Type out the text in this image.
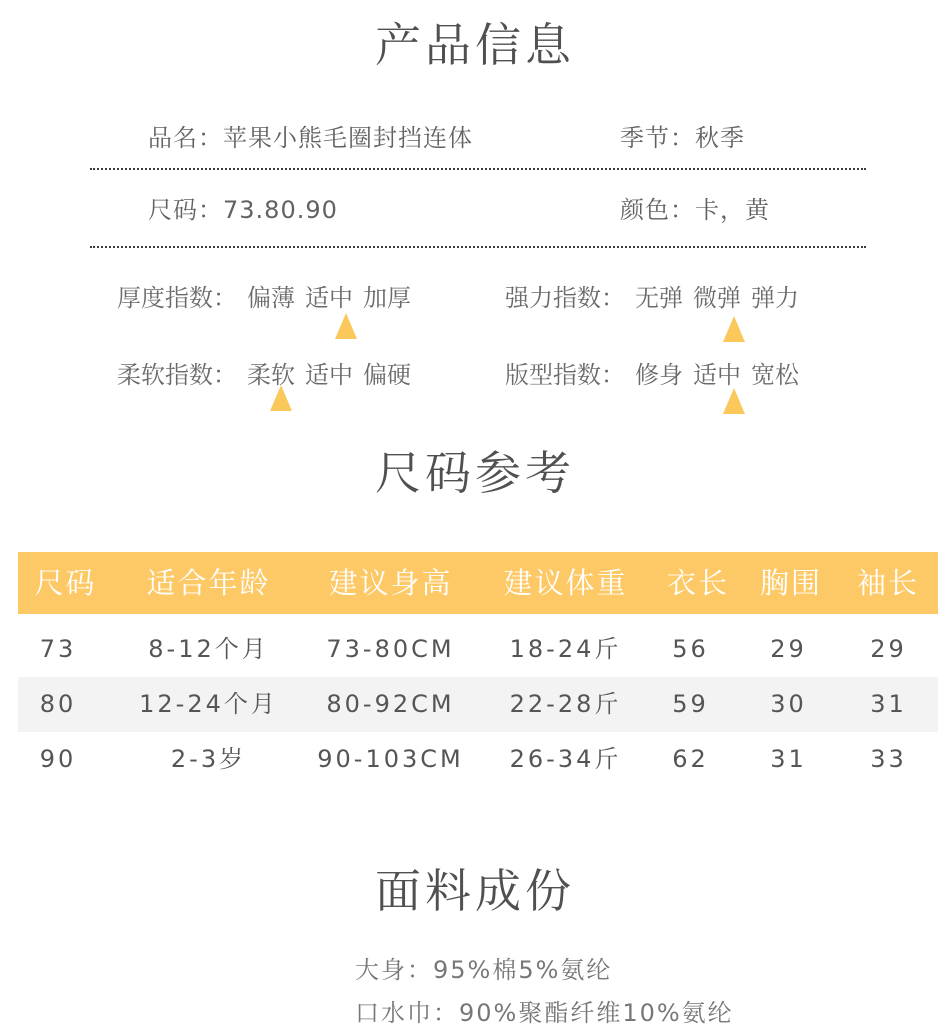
产品信息
品名：苹果小熊毛圈封挡连体	季节：秋季
尺码：73.80.90	颜色：卡，黄
厚度指数： 偏薄 适中 加厚	强力指数： 无弹 微弹 弹力
柔软指数： 柔软 适中 偏硬	版型指数： 修身 适中 宽松
尺码参考
尺码	适合年龄	建议身高	建议体重	衣长	胸围	袖长
73	8-12个月	73-80CM	18-24斤	56	29	29
80	12-24个月	80-92CM	22-28斤	59	30	31
90	2-3岁	90-103CM	26-34斤	62	31	33
面料成份
大身：95%棉5%氨纶
口水巾：90%聚酯纤维10%氨纶
